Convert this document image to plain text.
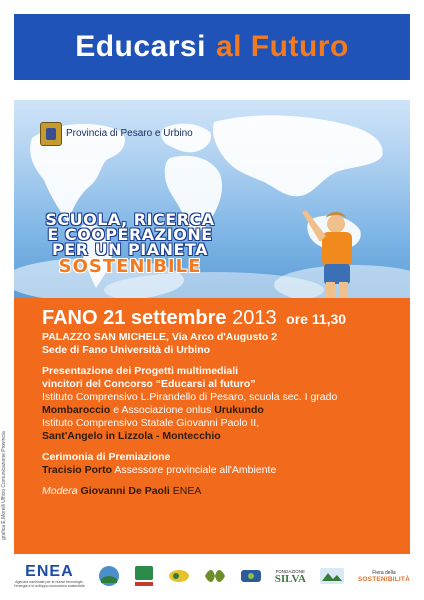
Educarsi al Futuro
Provincia di Pesaro e Urbino
SCUOLA, RICERCA
E COOPERAZIONE
PER UN PIANETA
SOSTENIBILE
FANO 21 settembre 2013 ore 11,30

PALAZZO SAN MICHELE, Via Arco d'Augusto 2

Sede di Fano Università di Urbino

Presentazione dei Progetti multimediali

vincitori del Concorso “Educarsi al futuro”

Istituto Comprensivo L.Pirandello di Pesaro, scuola sec. I grado

Mombaroccio e Associazione onlus Urukundo

Istituto Comprensivo Statale Giovanni Paolo II,

Sant'Angelo in Lizzola - Montecchio

Cerimonia di Premiazione

Tracisio Porto Assessore provinciale all'Ambiente

Modera Giovanni De Paoli ENEA

grafica E.Morelli Ufficio Comunicazione Provincia
ENEA
Agenzia nazionale per le nuove tecnologie,
l'energia e lo sviluppo economico sostenibile
FONDAZIONE
SILVA	Fiera della
SOSTENIBILITÀ
